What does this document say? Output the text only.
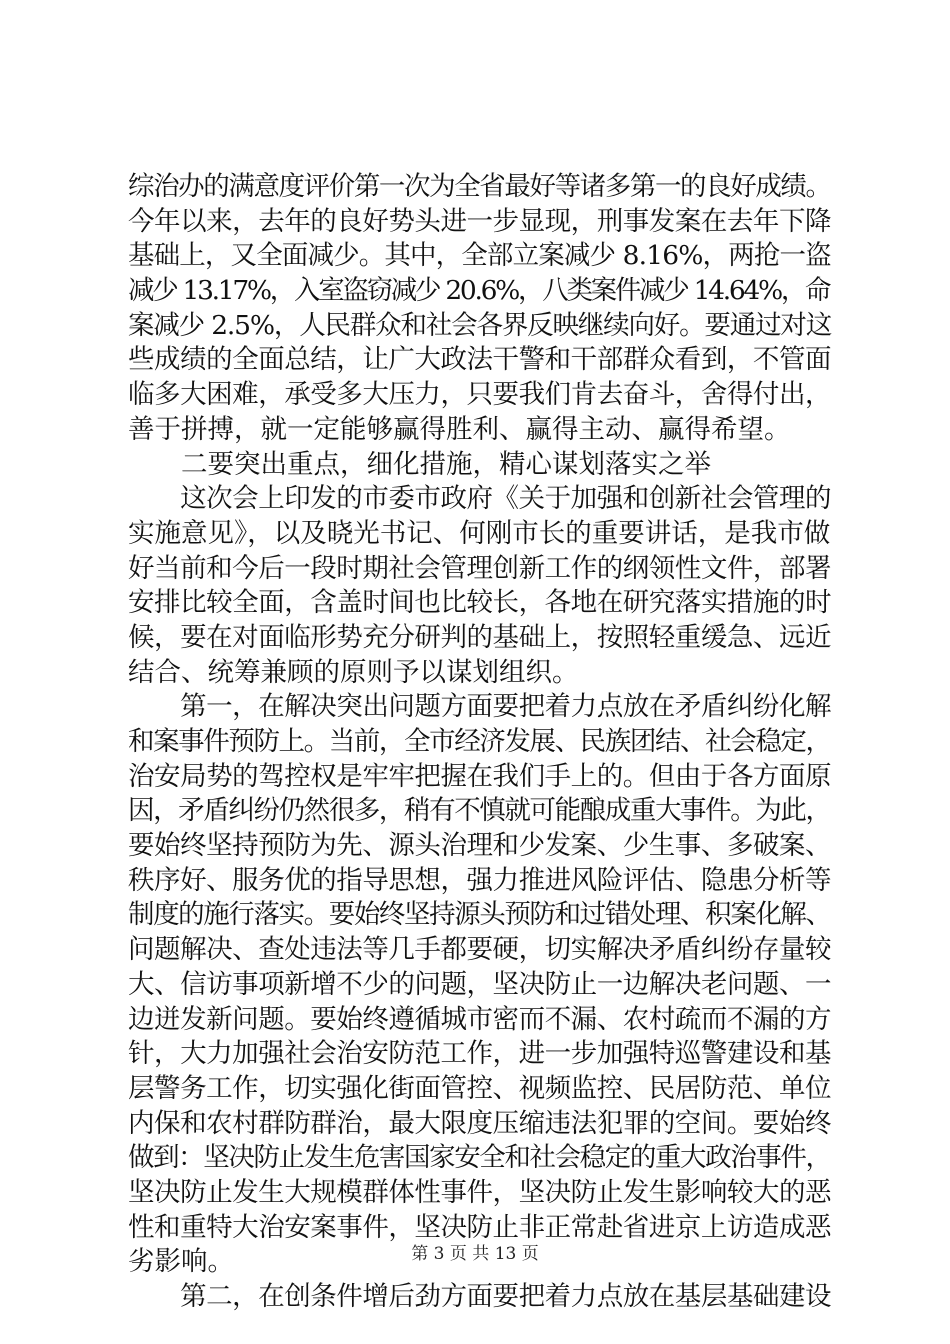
综治办的满意度评价第一次为全省最好等诸多第一的良好成绩。
今年以来，去年的良好势头进一步显现，刑事发案在去年下降
基础上，又全面减少。其中，全部立案减少 8.16%，两抢一盗
减少 13.17%，入室盗窃减少 20.6%，八类案件减少 14.64%，命
案减少 2.5%，人民群众和社会各界反映继续向好。要通过对这
些成绩的全面总结，让广大政法干警和干部群众看到，不管面
临多大困难，承受多大压力，只要我们肯去奋斗，舍得付出，
善于拼搏，就一定能够赢得胜利、赢得主动、赢得希望。
　　二要突出重点，细化措施，精心谋划落实之举
　　这次会上印发的市委市政府《关于加强和创新社会管理的
实施意见》，以及晓光书记、何刚市长的重要讲话，是我市做
好当前和今后一段时期社会管理创新工作的纲领性文件，部署
安排比较全面，含盖时间也比较长，各地在研究落实措施的时
候，要在对面临形势充分研判的基础上，按照轻重缓急、远近
结合、统筹兼顾的原则予以谋划组织。
　　第一，在解决突出问题方面要把着力点放在矛盾纠纷化解
和案事件预防上。当前，全市经济发展、民族团结、社会稳定，
治安局势的驾控权是牢牢把握在我们手上的。但由于各方面原
因，矛盾纠纷仍然很多，稍有不慎就可能酿成重大事件。为此，
要始终坚持预防为先、源头治理和少发案、少生事、多破案、
秩序好、服务优的指导思想，强力推进风险评估、隐患分析等
制度的施行落实。要始终坚持源头预防和过错处理、积案化解、
问题解决、查处违法等几手都要硬，切实解决矛盾纠纷存量较
大、信访事项新增不少的问题，坚决防止一边解决老问题、一
边迸发新问题。要始终遵循城市密而不漏、农村疏而不漏的方
针，大力加强社会治安防范工作，进一步加强特巡警建设和基
层警务工作，切实强化街面管控、视频监控、民居防范、单位
内保和农村群防群治，最大限度压缩违法犯罪的空间。要始终
做到：坚决防止发生危害国家安全和社会稳定的重大政治事件，
坚决防止发生大规模群体性事件，坚决防止发生影响较大的恶
性和重特大治安案事件，坚决防止非正常赴省进京上访造成恶
劣影响。
　　第二，在创条件增后劲方面要把着力点放在基层基础建设
第 3 页 共 13 页
